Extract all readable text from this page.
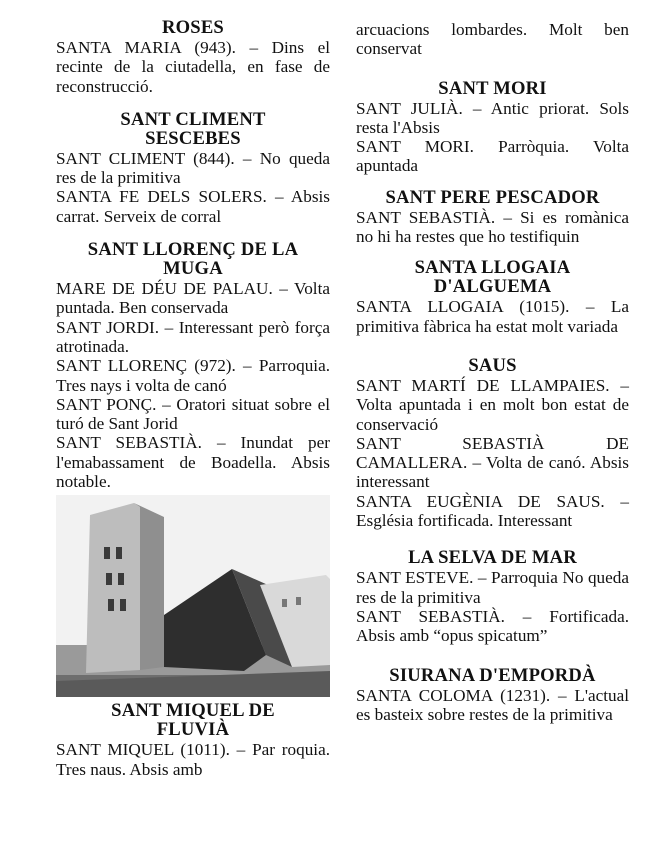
ROSES

SANTA MARIA (943). – Dins el recinte de la ciutadella, en fase de reconstrucció.

SANT CLIMENT
SESCEBES

SANT CLIMENT (844). – No queda res de la primitiva

SANTA FE DELS SOLERS. – Absis carrat. Serveix de corral

SANT LLORENÇ DE LA
MUGA

MARE DE DÉU DE PALAU. – Volta puntada. Ben conservada

SANT JORDI. – Interessant però força atrotinada.

SANT LLORENÇ (972). – Parroquia. Tres nays i volta de canó

SANT PONÇ. – Oratori situat sobre el turó de Sant Jorid

SANT SEBASTIÀ. – Inundat per l'emabassament de Boadella. Absis notable.

SANT MIQUEL DE
FLUVIÀ

SANT MIQUEL (1011). – Par roquia. Tres naus. Absis amb

arcuacions lombardes. Molt ben conservat

SANT MORI

SANT JULIÀ. – Antic priorat. Sols resta l'Absis

SANT MORI. Parròquia. Volta apuntada

SANT PERE PESCADOR

SANT SEBASTIÀ. – Si es romànica no hi ha restes que ho testifiquin

SANTA LLOGAIA
D'ALGUEMA

SANTA LLOGAIA (1015). – La primitiva fàbrica ha estat molt variada

SAUS

SANT MARTÍ DE LLAMPAIES. – Volta apuntada i en molt bon estat de conservació

SANT SEBASTIÀ DE CAMALLERA. – Volta de canó. Absis interessant

SANTA EUGÈNIA DE SAUS. – Església fortificada. Interessant

LA SELVA DE MAR

SANT ESTEVE. – Parroquia No queda res de la primitiva

SANT SEBASTIÀ. – Fortificada. Absis amb “opus spicatum”

SIURANA D'EMPORDÀ

SANTA COLOMA (1231). – L'actual es basteix sobre restes de la primitiva
